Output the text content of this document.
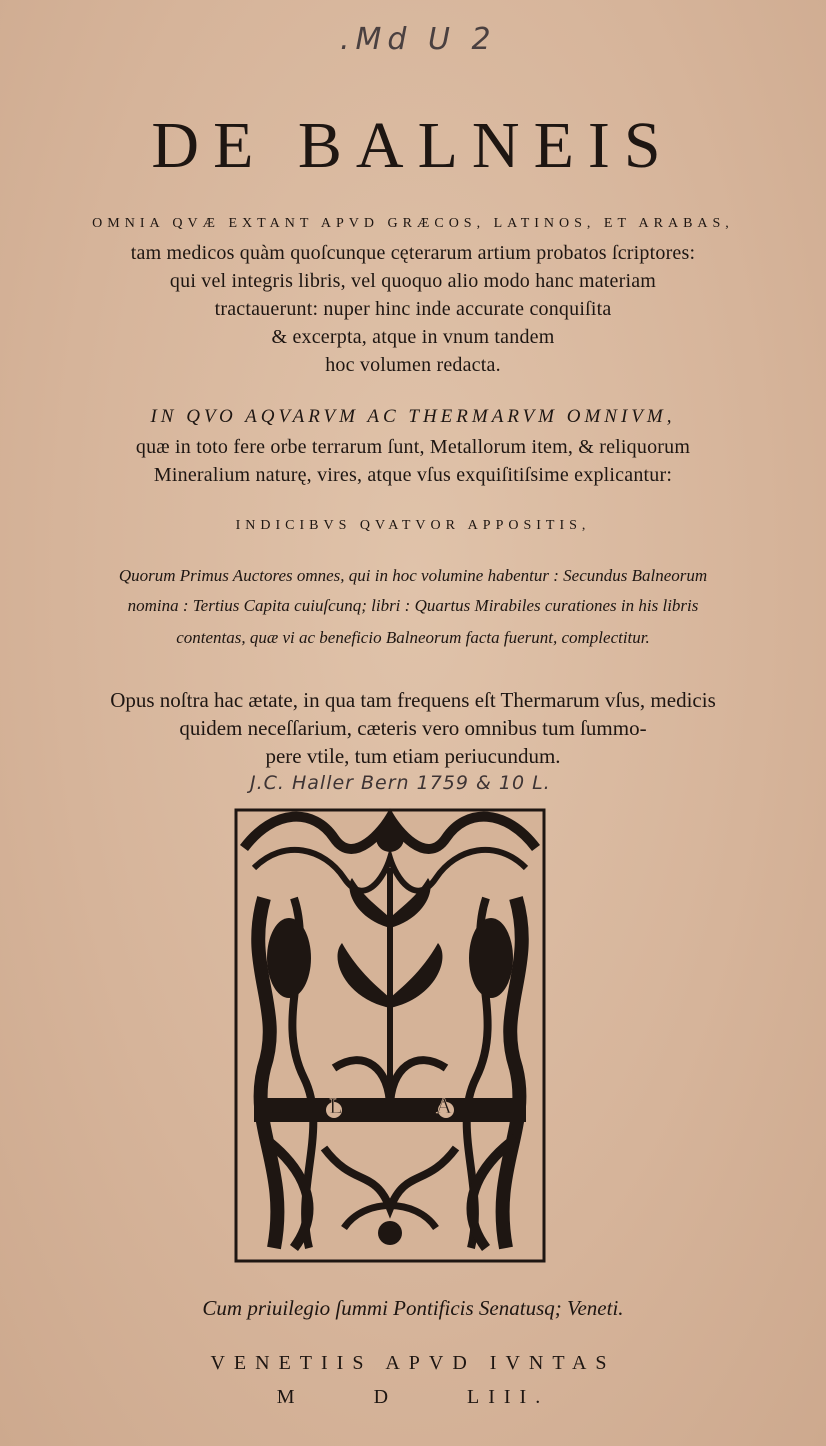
.Md U 2
DE BALNEIS
OMNIA QVÆ EXTANT APVD GRÆCOS, LATINOS, ET ARABAS,
tam medicos quàm quoſcunque cęterarum artium probatos ſcriptores:
qui vel integris libris, vel quoquo alio modo hanc materiam
tractauerunt: nuper hinc inde accurate conquiſita
& excerpta, atque in vnum tandem
hoc volumen redacta.
IN QVO AQVARVM AC THERMARVM OMNIVM,
quæ in toto fere orbe terrarum ſunt, Metallorum item, & reliquorum
Mineralium naturę, vires, atque vſus exquiſitiſsime explicantur:
INDICIBVS QVATVOR APPOSITIS,
Quorum Primus Auctores omnes, qui in hoc volumine habentur : Secundus Balneorum
nomina : Tertius Capita cuiuſcunq; libri : Quartus Mirabiles curationes in his libris
contentas, quæ vi ac beneficio Balneorum facta fuerunt, complectitur.
Opus noſtra hac ætate, in qua tam frequens eſt Thermarum vſus, medicis
quidem neceſſarium, cæteris vero omnibus tum ſummo‐
pere vtile, tum etiam periucundum.
J.C. Haller Bern 1759 & 10 L.
L	A
Cum priuilegio ſummi Pontificis Senatusq; Veneti.
VENETIIS APVD IVNTAS
M	D	LIII.
